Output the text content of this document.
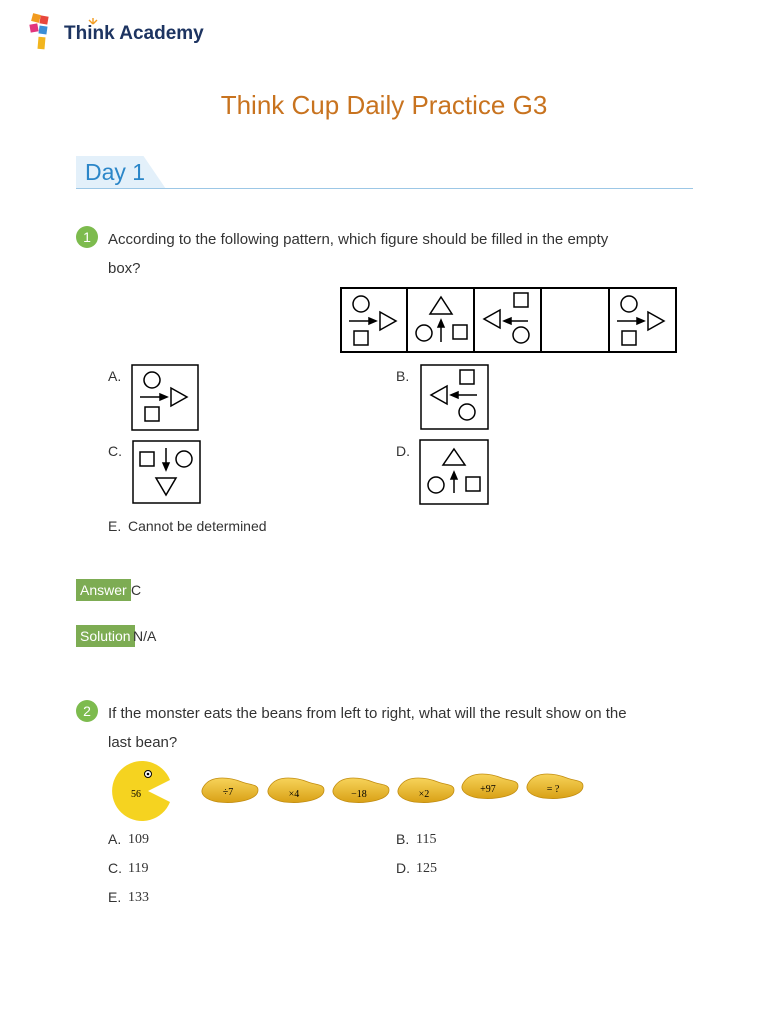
Think Academy
Think Cup Daily Practice G3
Day 1
1	According to the following pattern, which figure should be filled in the empty
box?
A.	B.
C.	D.
E. Cannot be determined
Answer C
Solution N/A
2	If the monster eats the beans from left to right, what will the result show on the
last bean?
56	÷7	×4	−18	×2	+97	= ?
A. 109	B. 115
C. 119	D. 125
E. 133
